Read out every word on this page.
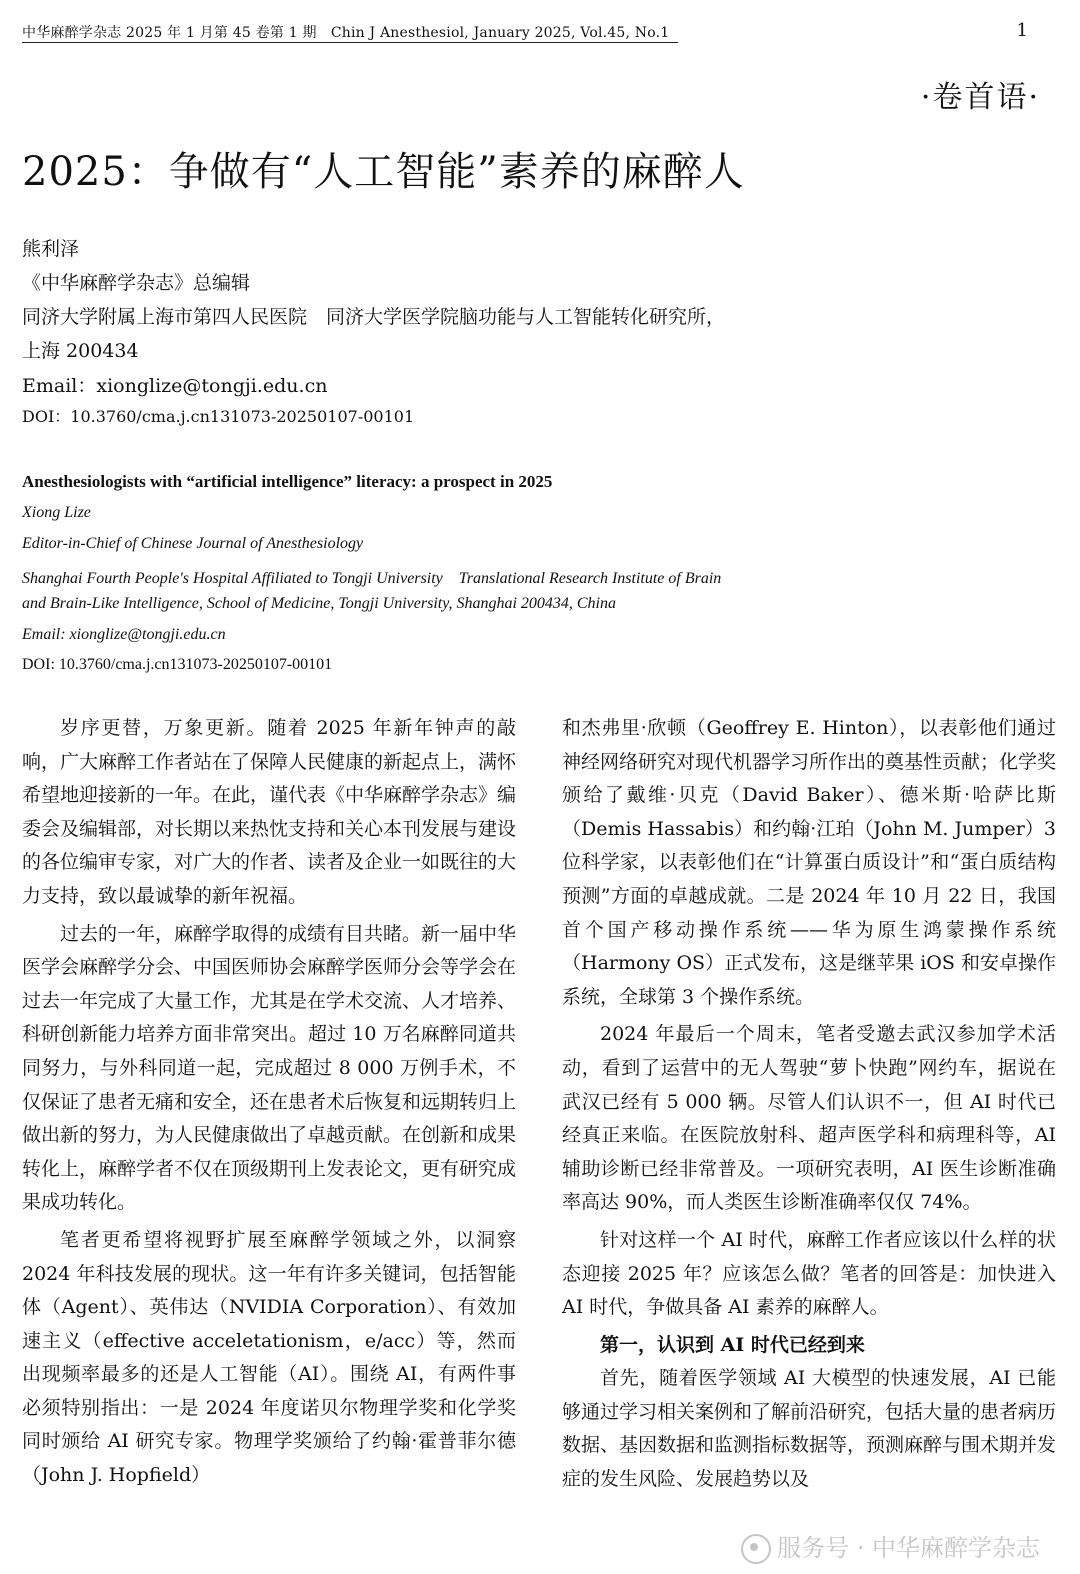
中华麻醉学杂志 2025 年 1 月第 45 卷第 1 期　Chin J Anesthesiol, January 2025, Vol.45, No.1	1
·卷首语·
2025：争做有“人工智能”素养的麻醉人
熊利泽
《中华麻醉学杂志》总编辑
同济大学附属上海市第四人民医院　同济大学医学院脑功能与人工智能转化研究所，
上海 200434
Email：xionglize@tongji.edu.cn
DOI：10.3760/cma.j.cn131073-20250107-00101
Anesthesiologists with “artificial intelligence” literacy: a prospect in 2025
Xiong Lize
Editor-in-Chief of Chinese Journal of Anesthesiology
Shanghai Fourth People's Hospital Affiliated to Tongji University　Translational Research Institute of Brain
and Brain-Like Intelligence, School of Medicine, Tongji University, Shanghai 200434, China
Email: xionglize@tongji.edu.cn
DOI: 10.3760/cma.j.cn131073-20250107-00101

岁序更替，万象更新。随着 2025 年新年钟声的敲响，广大麻醉工作者站在了保障人民健康的新起点上，满怀希望地迎接新的一年。在此，谨代表《中华麻醉学杂志》编委会及编辑部，对长期以来热忱支持和关心本刊发展与建设的各位编审专家，对广大的作者、读者及企业一如既往的大力支持，致以最诚挚的新年祝福。

过去的一年，麻醉学取得的成绩有目共睹。新一届中华医学会麻醉学分会、中国医师协会麻醉学医师分会等学会在过去一年完成了大量工作，尤其是在学术交流、人才培养、科研创新能力培养方面非常突出。超过 10 万名麻醉同道共同努力，与外科同道一起，完成超过 8 000 万例手术，不仅保证了患者无痛和安全，还在患者术后恢复和远期转归上做出新的努力，为人民健康做出了卓越贡献。在创新和成果转化上，麻醉学者不仅在顶级期刊上发表论文，更有研究成果成功转化。

笔者更希望将视野扩展至麻醉学领域之外，以洞察 2024 年科技发展的现状。这一年有许多关键词，包括智能体（Agent）、英伟达（NVIDIA Corporation）、有效加速主义（effective acceletationism，e/acc）等，然而出现频率最多的还是人工智能（AI）。围绕 AI，有两件事必须特别指出：一是 2024 年度诺贝尔物理学奖和化学奖同时颁给 AI 研究专家。物理学奖颁给了约翰·霍普菲尔德（John J. Hopfield）

和杰弗里·欣顿（Geoffrey E. Hinton），以表彰他们通过神经网络研究对现代机器学习所作出的奠基性贡献；化学奖颁给了戴维·贝克（David Baker）、德米斯·哈萨比斯（Demis Hassabis）和约翰·江珀（John M. Jumper）3 位科学家，以表彰他们在“计算蛋白质设计”和“蛋白质结构预测”方面的卓越成就。二是 2024 年 10 月 22 日，我国首个国产移动操作系统——华为原生鸿蒙操作系统（Harmony OS）正式发布，这是继苹果 iOS 和安卓操作系统，全球第 3 个操作系统。

2024 年最后一个周末，笔者受邀去武汉参加学术活动，看到了运营中的无人驾驶“萝卜快跑”网约车，据说在武汉已经有 5 000 辆。尽管人们认识不一，但 AI 时代已经真正来临。在医院放射科、超声医学科和病理科等，AI 辅助诊断已经非常普及。一项研究表明，AI 医生诊断准确率高达 90%，而人类医生诊断准确率仅仅 74%。

针对这样一个 AI 时代，麻醉工作者应该以什么样的状态迎接 2025 年？应该怎么做？笔者的回答是：加快进入 AI 时代，争做具备 AI 素养的麻醉人。

第一，认识到 AI 时代已经到来

首先，随着医学领域 AI 大模型的快速发展，AI 已能够通过学习相关案例和了解前沿研究，包括大量的患者病历数据、基因数据和监测指标数据等，预测麻醉与围术期并发症的发生风险、发展趋势以及

服务号 · 中华麻醉学杂志
